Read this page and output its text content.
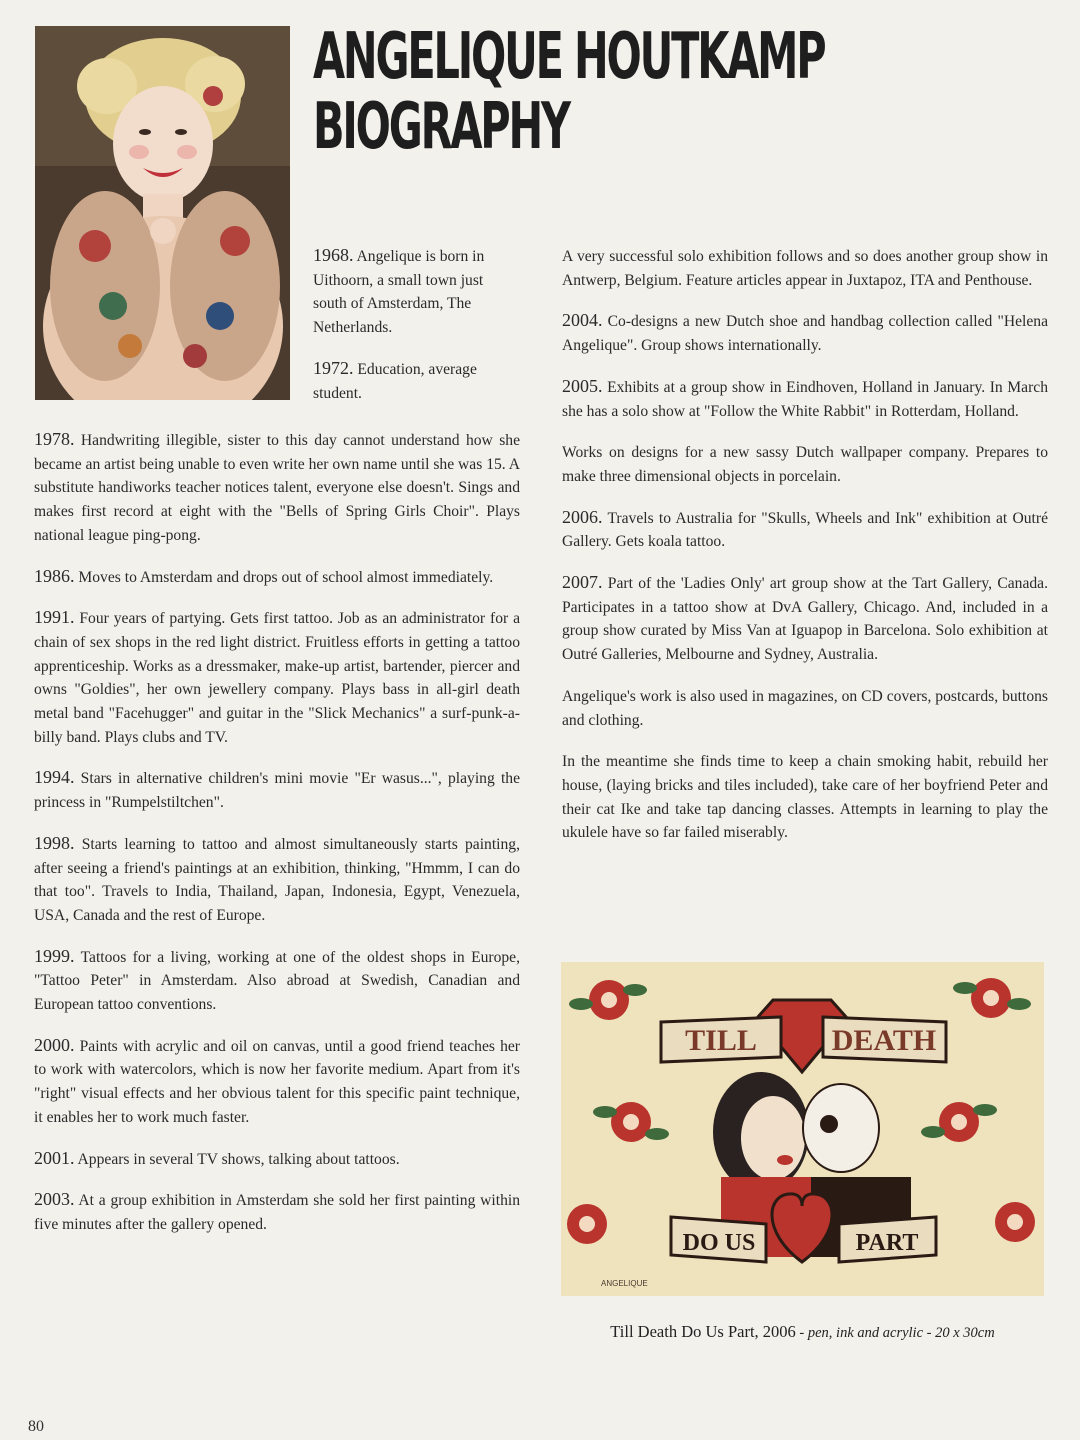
ANGELIQUE HOUTKAMP
BIOGRAPHY

1968. Angelique is born in Uithoorn, a small town just south of Amsterdam, The Netherlands.

1972. Education, average student.

1978. Handwriting illegible, sister to this day cannot understand how she became an artist being unable to even write her own name until she was 15. A substitute handiworks teacher notices talent, everyone else doesn't. Sings and makes first record at eight with the "Bells of Spring Girls Choir". Plays national league ping-pong.

1986. Moves to Amsterdam and drops out of school almost immediately.

1991. Four years of partying. Gets first tattoo. Job as an administrator for a chain of sex shops in the red light district. Fruitless efforts in getting a tattoo apprenticeship. Works as a dressmaker, make-up artist, bartender, piercer and owns "Goldies", her own jewellery company. Plays bass in all-girl death metal band "Facehugger" and guitar in the "Slick Mechanics" a surf-punk-a-billy band. Plays clubs and TV.

1994. Stars in alternative children's mini movie "Er wasus...", playing the princess in "Rumpelstiltchen".

1998. Starts learning to tattoo and almost simultaneously starts painting, after seeing a friend's paintings at an exhibition, thinking, "Hmmm, I can do that too". Travels to India, Thailand, Japan, Indonesia, Egypt, Venezuela, USA, Canada and the rest of Europe.

1999. Tattoos for a living, working at one of the oldest shops in Europe, "Tattoo Peter" in Amsterdam. Also abroad at Swedish, Canadian and European tattoo conventions.

2000. Paints with acrylic and oil on canvas, until a good friend teaches her to work with watercolors, which is now her favorite medium. Apart from it's "right" visual effects and her obvious talent for this specific paint technique, it enables her to work much faster.

2001. Appears in several TV shows, talking about tattoos.

2003. At a group exhibition in Amsterdam she sold her first painting within five minutes after the gallery opened.

A very successful solo exhibition follows and so does another group show in Antwerp, Belgium. Feature articles appear in Juxtapoz, ITA and Penthouse.

2004. Co-designs a new Dutch shoe and handbag collection called "Helena Angelique". Group shows internationally.

2005. Exhibits at a group show in Eindhoven, Holland in January. In March she has a solo show at "Follow the White Rabbit" in Rotterdam, Holland.

Works on designs for a new sassy Dutch wallpaper company. Prepares to make three dimensional objects in porcelain.

2006. Travels to Australia for "Skulls, Wheels and Ink" exhibition at Outré Gallery. Gets koala tattoo.

2007. Part of the 'Ladies Only' art group show at the Tart Gallery, Canada. Participates in a tattoo show at DvA Gallery, Chicago. And, included in a group show curated by Miss Van at Iguapop in Barcelona. Solo exhibition at Outré Galleries, Melbourne and Sydney, Australia.

Angelique's work is also used in magazines, on CD covers, postcards, buttons and clothing.

In the meantime she finds time to keep a chain smoking habit, rebuild her house, (laying bricks and tiles included), take care of her boyfriend Peter and their cat Ike and take tap dancing classes. Attempts in learning to play the ukulele have so far failed miserably.

TILL DEATH
DO US	PART
ANGELIQUE
Till Death Do Us Part, 2006 - pen, ink and acrylic - 20 x 30cm
80
